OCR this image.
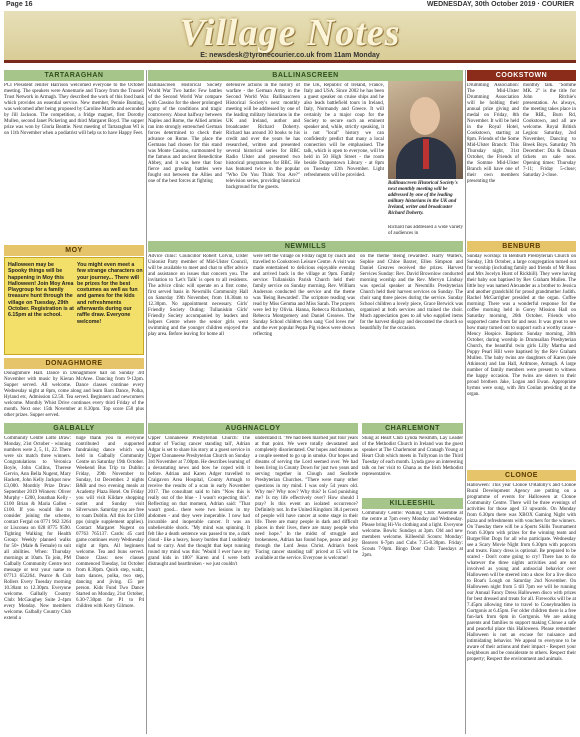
Page 16	WEDNESDAY, 30th October 2019 · COURIER
Village Notes
E: newsdesk@tyronecourier.co.uk from 11am Monday
TARTARAGHAN

PCI President Jenifer Harrison welcomed everyone to the October meeting. The speakers were Annemarie and Tracey from the Trussell Trust Network in Armagh. They described the work of this food bank which provides an essential service. New member, Pennie Bunting, was welcomed after being proposed by Caroline Martin and seconded by Jill Jackson. The competition, a fridge magnet, first Dorothy Mullen, second Janet Pickering and third Margaret Boyd. The supper prize was won by Gloria Beattie. Next meeting of Tartaraghan WI is on 11th November when a podiatrist will help us to have Happy Feet.

MOY
Halloween may be Spooky things will be happening in Moy this Halloween! Join Moy Area Playgroup for a family treasure hunt through the village on Tuesday, 29th October. Registration is at 6.15pm at the school.
You might even meet a few strange characters on your journey... There will be prizes for the best costumes as well as fun and games for the kids and refreshments afterwards during our raffle draw. Everyone welcome!
DONAGHMORE

Donaghmore Hall. Dance in Donaghmore hall on Sunday 3rd November with music by Kieran McAree. Dancing from 9-12pm. Supper served. All welcome. Dance classes continue every Wednesday night at 8pm, come along and learn Barn Dance, Polka, Hyland etc, Admission £2.50. Tea served. Beginners and newcomers welcome. Monthly Whist Drive continues every third Friday of the month. Next one: 15th November at 8.30pm. Top score £50 plus other prizes. Supper served.

GALBALLY

Community Centre Lotto Draw: Monday, 21st October - winning numbers were 2, 5, 11, 22. There were six match three winners. Congratulations to Veronica Boyle, John Collins, Therese Gervin, Ann Bella Nugent, Mary Hackett, John Kelly Jackpot now £3,000. Monthly Prize Draw: September 2019 Winners: Oliver Murphy - £200, Jonathan Kelly - £100 Brian & Maria Gallen - £100. If you would like to consider joining the scheme, contact Fergal on 0771 962 3264 or Lisconea on 028 8775 9590. Tighting Walking for Health Group: Weekly planned walks for 50+ (Male & Female) to suit all abilities. When: Thursday mornings at 10am. To join, PM Galbally Community Centre text message or text your name to 07713 652264. Pearce & Cub Rollers Every Tuesday morning 10.30am to 12.30pm. Everyone welcome. Galbally Country Club: McGaughey Suite 2-4pm every Monday. New members welcome. Galbally Country Club extend a

huge thank you to everyone contributed and supported fundraising dance which was held in Galbally Community Centre on Saturday 19th October. Weekend Bus Trip to Dublin: Friday, 29th November to Sunday, 1st December. 2 nights B&B and two evening meals at Academy Plaza Hotel. On Friday you will visit Kildare shopping outlet and Sunday visit Silverware. Saturday you are free to roam Dublin. All this for £180 pps (single supplement applies). Contact Margaret Nugent on 07763 765137. Cards: 45 card game continues every Wednesday night at 8pm. All beginners welcome. Tea and buns served. Dance Class: new classes commenced Tuesday, 1st October from 8.30pm. Quick step, waltz, barn dances, polka, two step, dancing and jiving. £5 per person. Kids Fund Two Dance Started on Monday, 21st October, 6.30-7.30pm for P1 to P4 children with Kerry Gilmore.

BALLINASCREEN

Ballinascreen Historical Society World War Two battle: Few battles of the Second World War compare with Cassino for the sheer prolonged agony of the conditions and tragic controversy. About halfway between Naples and Rome, the Allied armies ran into strongly entrenched German forces determined to check their advance on Rome. The place the Germans had chosen for this stand was Monte Cassino, surmounted by the famous and ancient Benedictine Abbey, and it was here that four fierce and grueling battles were fought out between the Allies and one of the best forces at fighting

defensive actions in the history of warfare - the German Army in the Second World War. Ballinascreen Historical Society's next monthly meeting will be addressed by one of the leading military historians in the UK and Ireland, author and broadcaster Richard Doherty. Richard has around 30 books to his credit and over the years he has researched, written and presented several historical series for BBC Radio Ulster and presented two historical programmes for BBC. He has featured twice in the popular "Who Do You Think You Are?" television series, providing historical background for the guests.

the UK, Republic of Ireland, France, Italy and USA. Since 2002 he has been a guest speaker on cruise ships and he also leads battlefield tours in Ireland, Italy, Normandy and Greece. It will certainly be a major coup for the Society to secure such an eminent speaker and, while, strictly speaking, it is not "local" history we can confidently predict that many a local connection will be emphasised. The talk, which is open to everyone, will be held in 50 High Street - the room beside Draperstown Library - at 8pm on Tuesday 12th November. Light refreshments will be provided.

Ballinascreen Historical Society's next monthly meeting will be addressed by one of the leading military historians in the UK and Ireland, writer and broadcaster Richard Doherty.

Richard has addressed a wide variety of audiences in

COOKSTOWN

Drumming Association: The Mid-Ulster Drumming Association will be holding their annual prize giving and medal on Friday, 8th November. It will be held in the Royal Hotel, Cookstown, starting at 8pm. Friends of the Some Mid-Ulster Branch: This Thursday night, 31st October, the Friends of the Somme Mid-Ulster Branch will have one of their own members presenting the

monthly talk. "Somme MK. 2" is the title for John Ritchie's presentation. As always, the meeting takes place in the RBL, Burn Rd, Cookstown, and all are welcome. Royal British Legion: Saturday, 2nd November, Dancing to Breek Boys. Saturday 7th December: Dia & Dusan tickets on sale now. Opening times: Thursday 7-11; Friday 5-close; Saturday 2-close.

BENBURB

Sunday worship: In Benburb Presbyterian Church on Sunday, 13th October, a large congregation turned out for worship (including family and friends of Mr Ross and Mrs Jocelyn Hurst of Rickhill). They were having their baby son baptised by Rev Graham Mullen. The little boy was named Alexander as a brother to Jessica and another grandchild for proud grandmother Judith. Rachel McGarrigher presided at the organ. Coffee morning: There was a wonderful response for the coffee morning held in Gorey Mission Hall on Saturday morning, 26th October. Friends who supported came from far and near. It was great to see how many turned out to support such a worthy cause - Mency Hospice. Baptism: Sunday morning, 20th October, during worship in Drumsallan Presbyterian Church, the beautiful twin girls Lilly Martha and Poppy Pearl Hill were baptised by the Rev Graham Mullen. The baby twins are daughters of Karen (née Atkinson) and Ian Hall, Ardmore, Armagh. A large number of family members were present to witness the happy occasion. The twins are sisters to their proud brothers Jake, Logan and Ewan. Appropriate hymns were sung, with Jim Conlan presiding at the organ.

NEWMILLS

Advice clinic: Councillor Robert Colvin, Ulster Unionist Party member of Mid-Ulster Council, will be available to meet and chat to offer advice and assistance on issues that concern you. The invitation to 'Let's Talk' is open to all residents. The advice clinic will operate on a first come, first served basis in Newmills Community Hall on Saturday 19th November, from 10.30am to 12.30pm. No appointment necessary. Girls' Friendly Society Outing: Tullaniskin Girls' Friendly Society accompanied by leaders and helpers Centre where the senior girls went swimming and the younger children enjoyed the play area. Before leaving for home all

were left the village on Friday night by coach and travelled to Cookstown Leisure Centre. A visit was made entertained to delicious enjoyable evening and arrived back in the village at 9pm. Family service: Tullaniskin Parish Church held their family service on Sunday morning. Rev. William Anderson conducted the service and the theme was 'Being Rewarded'. The scripture reading was read by Miss Gemma and Miss Sarah. The prayers were led by Olivia. Hanna, Rebecca Richardson, Rebecca Montgomery and Daniel Greaves. The Sunday School children then sang 'God loves me' and the ever popular Peppa Pig videos were shown reflecting

on the theme 'Being rewarded'. Harry Walters, Sophie and Chloe Baxter, Ellen Simpson and Daniel Greaves received the prizes. Harvest Services Sunday: Rev. David Brownlow conducted morning worship and the Rev. Mervyn Lindsay was special speaker at Newmills Presbyterian Church held their harvest services on Sunday. The choir sang three pieces during the service. Sunday School children a lovely piece, Grace Berwick was organized at both services and trained the choir. Much appreciation goes to all who supplied items for the harvest display and decorated the church so beautifully for the occasion.

AUGHNACLOY

Upper Clonaneese Presbyterian Church: The author of 'Facing cancer standing tall', Adrian Adgar is set to share his story at a guest service in Upper Clonaneese Presbyterian Church on Sunday 3rd November at 7.00pm. He describes learning of a devastating news and how he coped with it before. Adrian and Karen Adger travelled to Craigavon Area Hospital, County Armagh to receive the results of a scan in early November 2017. The consultant said to him "Now this is really out of the blue - I wasn't expecting this". Reflecting on that moment, Adrian said: "That wasn't good... there were two lesions in my abdomen - and they were inoperable. I now had incurable and inoperable cancer. It was an unbelievable shock. "My mind was spinning. It felt like a death sentence was passed to me, a dark cloud - like a heavy, heavy burden that I suddenly had to carry. And the thought that kept running round my mind was this: 'Would I ever have my grand kids in 180?' Karen and I were both distraught and heartbroken - we just couldn't

understand it. "We had been married just four years at that point. We were totally devastated and completely disorientated. Our hopes and dreams as a couple seemed to go up in smoke. Our hopes and dreams of serving the Lord seemed over. We had been living in County Down for just two years and serving together in Clough and Seaforde Presbyterian Churches. "There were many other questions in my mind. I was only 54 years old. Why me? Why now? Why this? Is God punishing me? Is my life effectively over? How should I pray? Is this event an isolated occurrence? Definitely not. In the United Kingdom 38.4 percent of people will have cancer at some stage in their life. There are many people in dark and difficult places in their lives, there are many people who need hope." In the midst of struggle and brokenness, Adrian has found hope, peace and joy through the Lord Jesus Christ. Adrian's book 'Facing cancer standing tall' priced at £5 will be available at the service. Everyone is welcome!

CHARLEMONT

Stung at Heart Club Lynda Nelsmith, Lay Leader of the Methodist Church in Ireland was the guest speaker at The Charlemont and Cranagh Young at Heart Club which meets in Tullyroan in the Third Tuesday of each month. Lynda gave an interesting talk on her visit to Ghana as the Irish Methodist representative.

KILLEESHIL

Community Centre: Walking Club: Assemble at the centre at 7pm every Monday and Wednesday. Please bring Hi-Vis clothing and a light. Everyone welcome. Bowls: Sundays at 3pm. Old and new members welcome. Killeeshil Scouts: Monday: Beavers 6-7pm and Cubs 7.15-8.30pm. Friday: Scouts 7-9pm. Bingo Door Club: Tuesdays at 2pm.

CLONOE

Halloween: This year Clonoe O'Rahilly's and Clonoe Rural Development Agency are putting on a programme of events for Halloween at Clonoe Community Centre. There will be three evenings of activities for those aged 13 upwards. On Monday from 6.30pm there was XBOX Gaming Night with pizza and refreshments with vouchers for the winners. On Tuesday there will be a Sports Skills Tournament from 6.30pm with prizes for the winning team and Burger/Hot Dogs for all who participate. Wednesday see a Scary Movie Night from 6.30pm with popcorn and treats. Fancy dress is optional. Be prepared to be scared - Don't come going to cry! There has to do whatever the three nights activities and are not involved as young and antisocial behavior over Halloween will be steered into a show for a live disco to Boat's Lough on Saturday 2nd November. On Halloween night from 5 till 7pm we will be running our Annual Fancy Dress Halloween disco with prizes for best dressed and treats for all. Fireworks will be at 7.45pm allowing time to travel to Coneybradden in Gortgonis at 6.45pm. For older children there is a free fun-lark from 6pm in Gortgonis. We are asking parents and families to support making Clonoe a safe and peaceful place this Halloween. Please remember Halloween is not an excuse for nuisance and intimidating behavior. We appeal to everyone to be aware of their actions and their impact - Respect your neighbours and be considerate to others. Respect their property; Respect the environment and animals.
